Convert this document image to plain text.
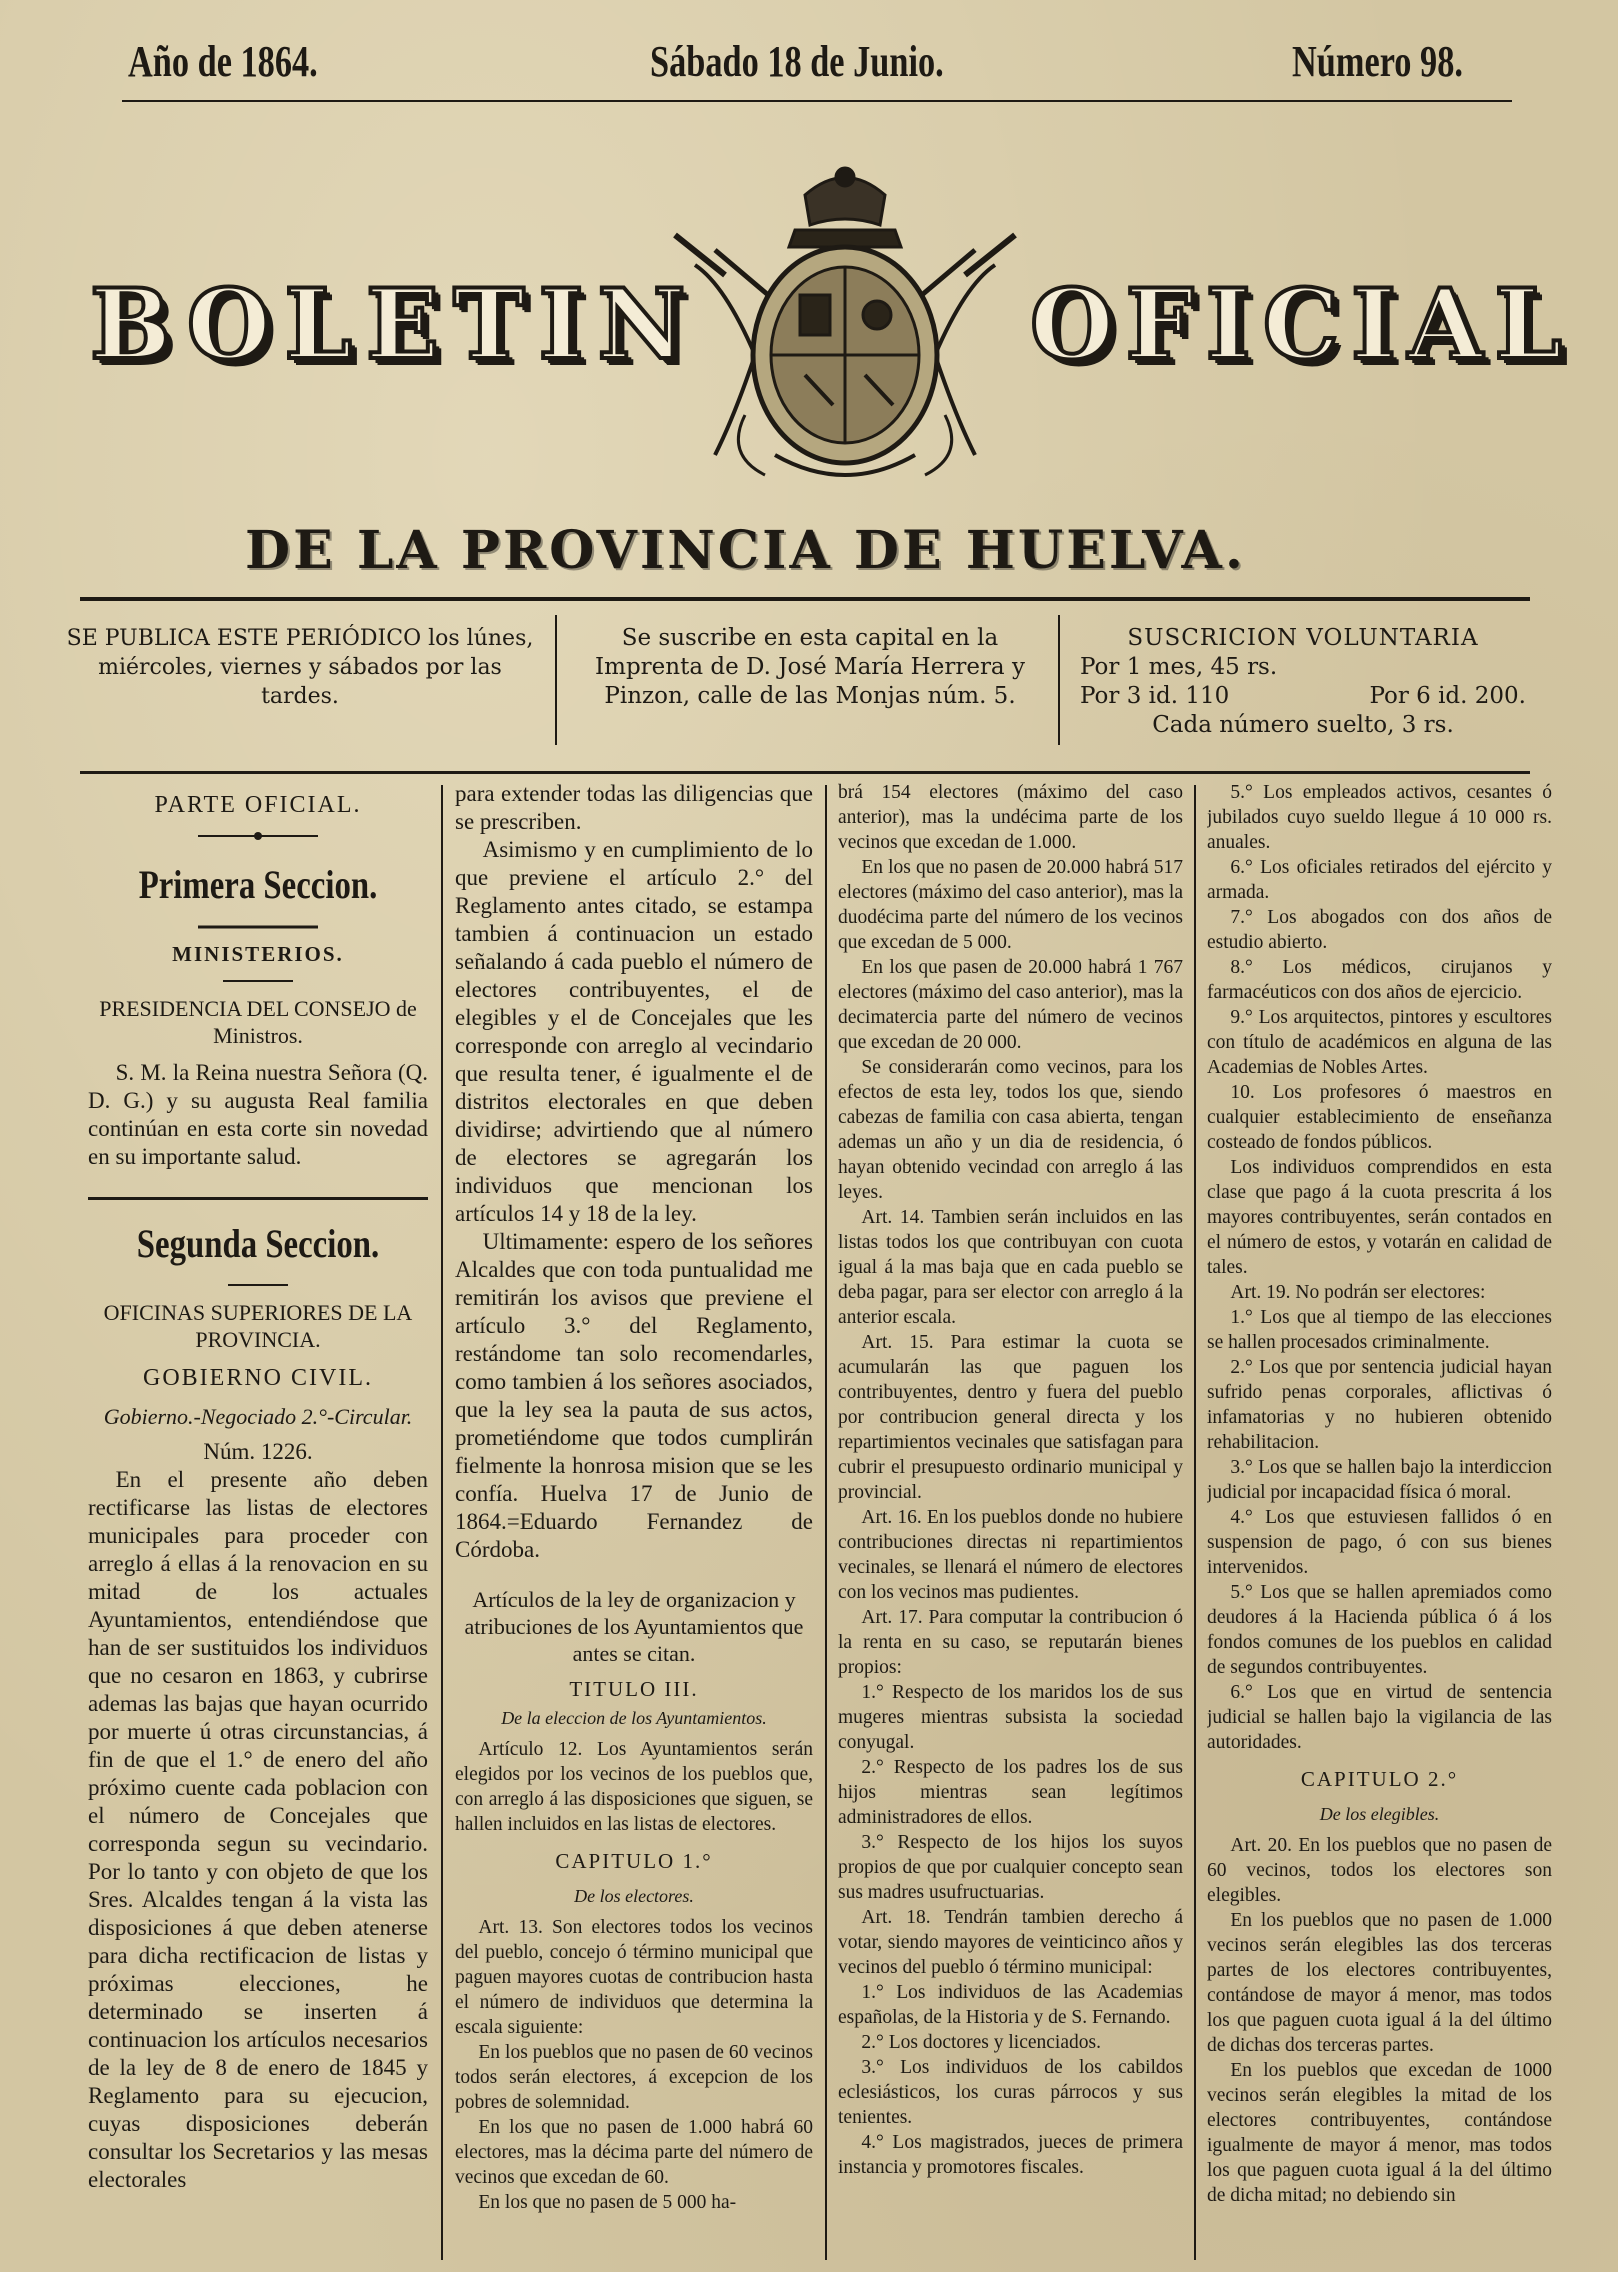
Año de 1864.	Sábado 18 de Junio.	Número 98.
BOLETIN	OFICIAL
DE LA PROVINCIA DE HUELVA.
SE PUBLICA ESTE PERIÓDICO los lúnes, miércoles, viernes y sábados por las tardes.
Se suscribe en esta capital en la Imprenta de D. José María Herrera y Pinzon, calle de las Monjas núm. 5.
SUSCRICION VOLUNTARIA
Por 1 mes, 45 rs.
Por 3 id. 110	Por 6 id. 200.
Cada número suelto, 3 rs.
PARTE OFICIAL.
Primera Seccion.
MINISTERIOS.
PRESIDENCIA DEL CONSEJO de Ministros.

S. M. la Reina nuestra Señora (Q. D. G.) y su augusta Real familia continúan en esta corte sin novedad en su importante salud.

Segunda Seccion.
OFICINAS SUPERIORES DE LA PROVINCIA.
GOBIERNO CIVIL.
Gobierno.-Negociado 2.°-Circular.

Núm. 1226.

En el presente año deben rectificarse las listas de electores municipales para proceder con arreglo á ellas á la renovacion en su mitad de los actuales Ayuntamientos, entendiéndose que han de ser sustituidos los individuos que no cesaron en 1863, y cubrirse ademas las bajas que hayan ocurrido por muerte ú otras circunstancias, á fin de que el 1.° de enero del año próximo cuente cada poblacion con el número de Concejales que corresponda segun su vecindario. Por lo tanto y con objeto de que los Sres. Alcaldes tengan á la vista las disposiciones á que deben atenerse para dicha rectificacion de listas y próximas elecciones, he determinado se inserten á continuacion los artículos necesarios de la ley de 8 de enero de 1845 y Reglamento para su ejecucion, cuyas disposiciones deberán consultar los Secretarios y las mesas electorales

para extender todas las diligencias que se prescriben.

Asimismo y en cumplimiento de lo que previene el artículo 2.° del Reglamento antes citado, se estampa tambien á continuacion un estado señalando á cada pueblo el número de electores contribuyentes, el de elegibles y el de Concejales que les corresponde con arreglo al vecindario que resulta tener, é igualmente el de distritos electorales en que deben dividirse; advirtiendo que al número de electores se agregarán los individuos que mencionan los artículos 14 y 18 de la ley.

Ultimamente: espero de los señores Alcaldes que con toda puntualidad me remitirán los avisos que previene el artículo 3.° del Reglamento, restándome tan solo recomendarles, como tambien á los señores asociados, que la ley sea la pauta de sus actos, prometiéndome que todos cumplirán fielmente la honrosa mision que se les confía. Huelva 17 de Junio de 1864.=Eduardo Fernandez de Córdoba.

Artículos de la ley de organizacion y atribuciones de los Ayuntamientos que antes se citan.
TITULO III.
De la eleccion de los Ayuntamientos.

Artículo 12. Los Ayuntamientos serán elegidos por los vecinos de los pueblos que, con arreglo á las disposiciones que siguen, se hallen incluidos en las listas de electores.

CAPITULO 1.°
De los electores.

Art. 13. Son electores todos los vecinos del pueblo, concejo ó término municipal que paguen mayores cuotas de contribucion hasta el número de individuos que determina la escala siguiente:

En los pueblos que no pasen de 60 vecinos todos serán electores, á excepcion de los pobres de solemnidad.

En los que no pasen de 1.000 habrá 60 electores, mas la décima parte del número de vecinos que excedan de 60.

En los que no pasen de 5 000 ha-

brá 154 electores (máximo del caso anterior), mas la undécima parte de los vecinos que excedan de 1.000.

En los que no pasen de 20.000 habrá 517 electores (máximo del caso anterior), mas la duodécima parte del número de los vecinos que excedan de 5 000.

En los que pasen de 20.000 habrá 1 767 electores (máximo del caso anterior), mas la decimatercia parte del número de vecinos que excedan de 20 000.

Se considerarán como vecinos, para los efectos de esta ley, todos los que, siendo cabezas de familia con casa abierta, tengan ademas un año y un dia de residencia, ó hayan obtenido vecindad con arreglo á las leyes.

Art. 14. Tambien serán incluidos en las listas todos los que contribuyan con cuota igual á la mas baja que en cada pueblo se deba pagar, para ser elector con arreglo á la anterior escala.

Art. 15. Para estimar la cuota se acumularán las que paguen los contribuyentes, dentro y fuera del pueblo por contribucion general directa y los repartimientos vecinales que satisfagan para cubrir el presupuesto ordinario municipal y provincial.

Art. 16. En los pueblos donde no hubiere contribuciones directas ni repartimientos vecinales, se llenará el número de electores con los vecinos mas pudientes.

Art. 17. Para computar la contribucion ó la renta en su caso, se reputarán bienes propios:

1.° Respecto de los maridos los de sus mugeres mientras subsista la sociedad conyugal.

2.° Respecto de los padres los de sus hijos mientras sean legítimos administradores de ellos.

3.° Respecto de los hijos los suyos propios de que por cualquier concepto sean sus madres usufructuarias.

Art. 18. Tendrán tambien derecho á votar, siendo mayores de veinticinco años y vecinos del pueblo ó término municipal:

1.° Los individuos de las Academias españolas, de la Historia y de S. Fernando.

2.° Los doctores y licenciados.

3.° Los individuos de los cabildos eclesiásticos, los curas párrocos y sus tenientes.

4.° Los magistrados, jueces de primera instancia y promotores fiscales.

5.° Los empleados activos, cesantes ó jubilados cuyo sueldo llegue á 10 000 rs. anuales.

6.° Los oficiales retirados del ejército y armada.

7.° Los abogados con dos años de estudio abierto.

8.° Los médicos, cirujanos y farmacéuticos con dos años de ejercicio.

9.° Los arquitectos, pintores y escultores con título de académicos en alguna de las Academias de Nobles Artes.

10. Los profesores ó maestros en cualquier establecimiento de enseñanza costeado de fondos públicos.

Los individuos comprendidos en esta clase que pago á la cuota prescrita á los mayores contribuyentes, serán contados en el número de estos, y votarán en calidad de tales.

Art. 19. No podrán ser electores:

1.° Los que al tiempo de las elecciones se hallen procesados criminalmente.

2.° Los que por sentencia judicial hayan sufrido penas corporales, aflictivas ó infamatorias y no hubieren obtenido rehabilitacion.

3.° Los que se hallen bajo la interdiccion judicial por incapacidad física ó moral.

4.° Los que estuviesen fallidos ó en suspension de pago, ó con sus bienes intervenidos.

5.° Los que se hallen apremiados como deudores á la Hacienda pública ó á los fondos comunes de los pueblos en calidad de segundos contribuyentes.

6.° Los que en virtud de sentencia judicial se hallen bajo la vigilancia de las autoridades.

CAPITULO 2.°
De los elegibles.

Art. 20. En los pueblos que no pasen de 60 vecinos, todos los electores son elegibles.

En los pueblos que no pasen de 1.000 vecinos serán elegibles las dos terceras partes de los electores contribuyentes, contándose de mayor á menor, mas todos los que paguen cuota igual á la del último de dichas dos terceras partes.

En los pueblos que excedan de 1000 vecinos serán elegibles la mitad de los electores contribuyentes, contándose igualmente de mayor á menor, mas todos los que paguen cuota igual á la del último de dicha mitad; no debiendo sin
